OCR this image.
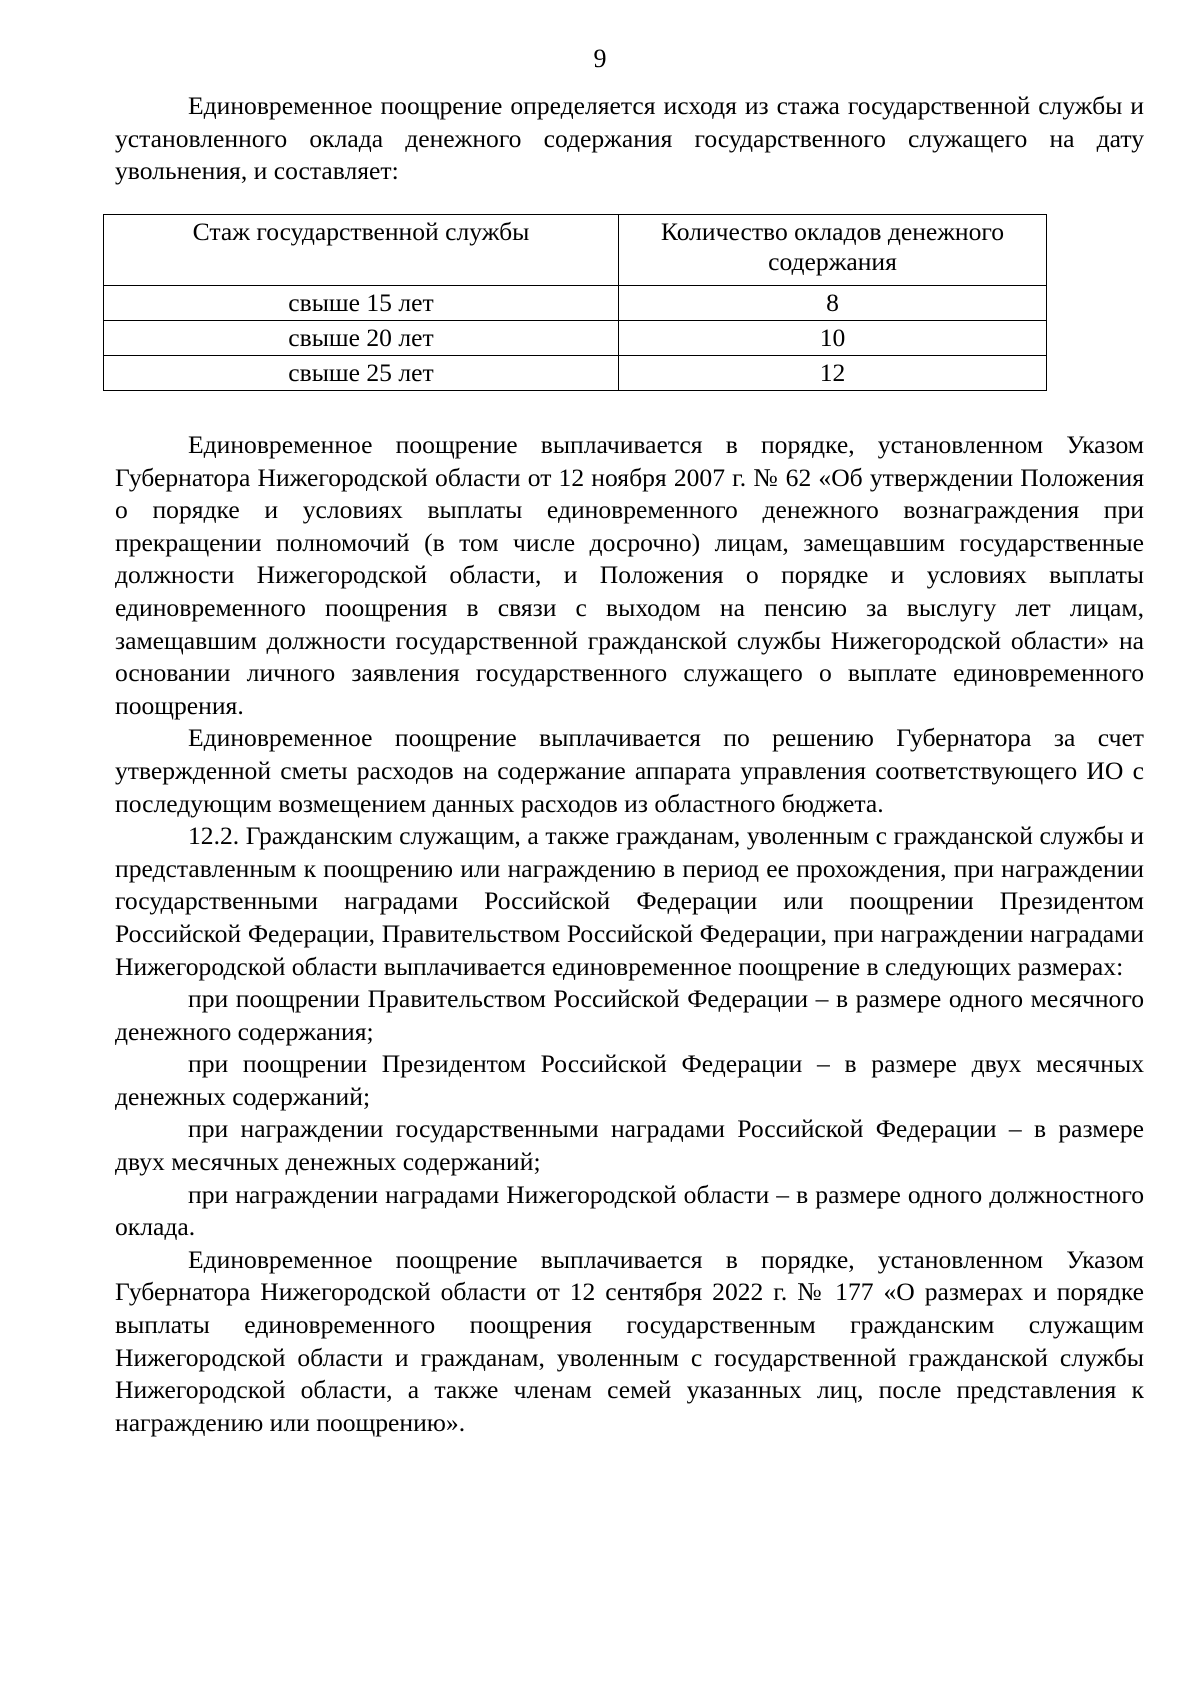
9

Единовременное поощрение определяется исходя из стажа государственной службы и установленного оклада денежного содержания государственного служащего на дату увольнения, и составляет:

Стаж государственной службы	Количество окладов денежного содержания
свыше 15 лет	8
свыше 20 лет	10
свыше 25 лет	12

Единовременное поощрение выплачивается в порядке, установленном Указом Губернатора Нижегородской области от 12 ноября 2007 г. № 62 «Об утверждении Положения о порядке и условиях выплаты единовременного денежного вознаграждения при прекращении полномочий (в том числе досрочно) лицам, замещавшим государственные должности Нижегородской области, и Положения о порядке и условиях выплаты единовременного поощрения в связи с выходом на пенсию за выслугу лет лицам, замещавшим должности государственной гражданской службы Нижегородской области» на основании личного заявления государственного служащего о выплате единовременного поощрения.

Единовременное поощрение выплачивается по решению Губернатора за счет утвержденной сметы расходов на содержание аппарата управления соответствующего ИО с последующим возмещением данных расходов из областного бюджета.

12.2. Гражданским служащим, а также гражданам, уволенным с гражданской службы и представленным к поощрению или награждению в период ее прохождения, при награждении государственными наградами Российской Федерации или поощрении Президентом Российской Федерации, Правительством Российской Федерации, при награждении наградами Нижегородской области выплачивается единовременное поощрение в следующих размерах:

при поощрении Правительством Российской Федерации – в размере одного месячного денежного содержания;

при поощрении Президентом Российской Федерации – в размере двух месячных денежных содержаний;

при награждении государственными наградами Российской Федерации – в размере двух месячных денежных содержаний;

при награждении наградами Нижегородской области – в размере одного должностного оклада.

Единовременное поощрение выплачивается в порядке, установленном Указом Губернатора Нижегородской области от 12 сентября 2022 г. № 177 «О размерах и порядке выплаты единовременного поощрения государственным гражданским служащим Нижегородской области и гражданам, уволенным с государственной гражданской службы Нижегородской области, а также членам семей указанных лиц, после представления к награждению или поощрению».
